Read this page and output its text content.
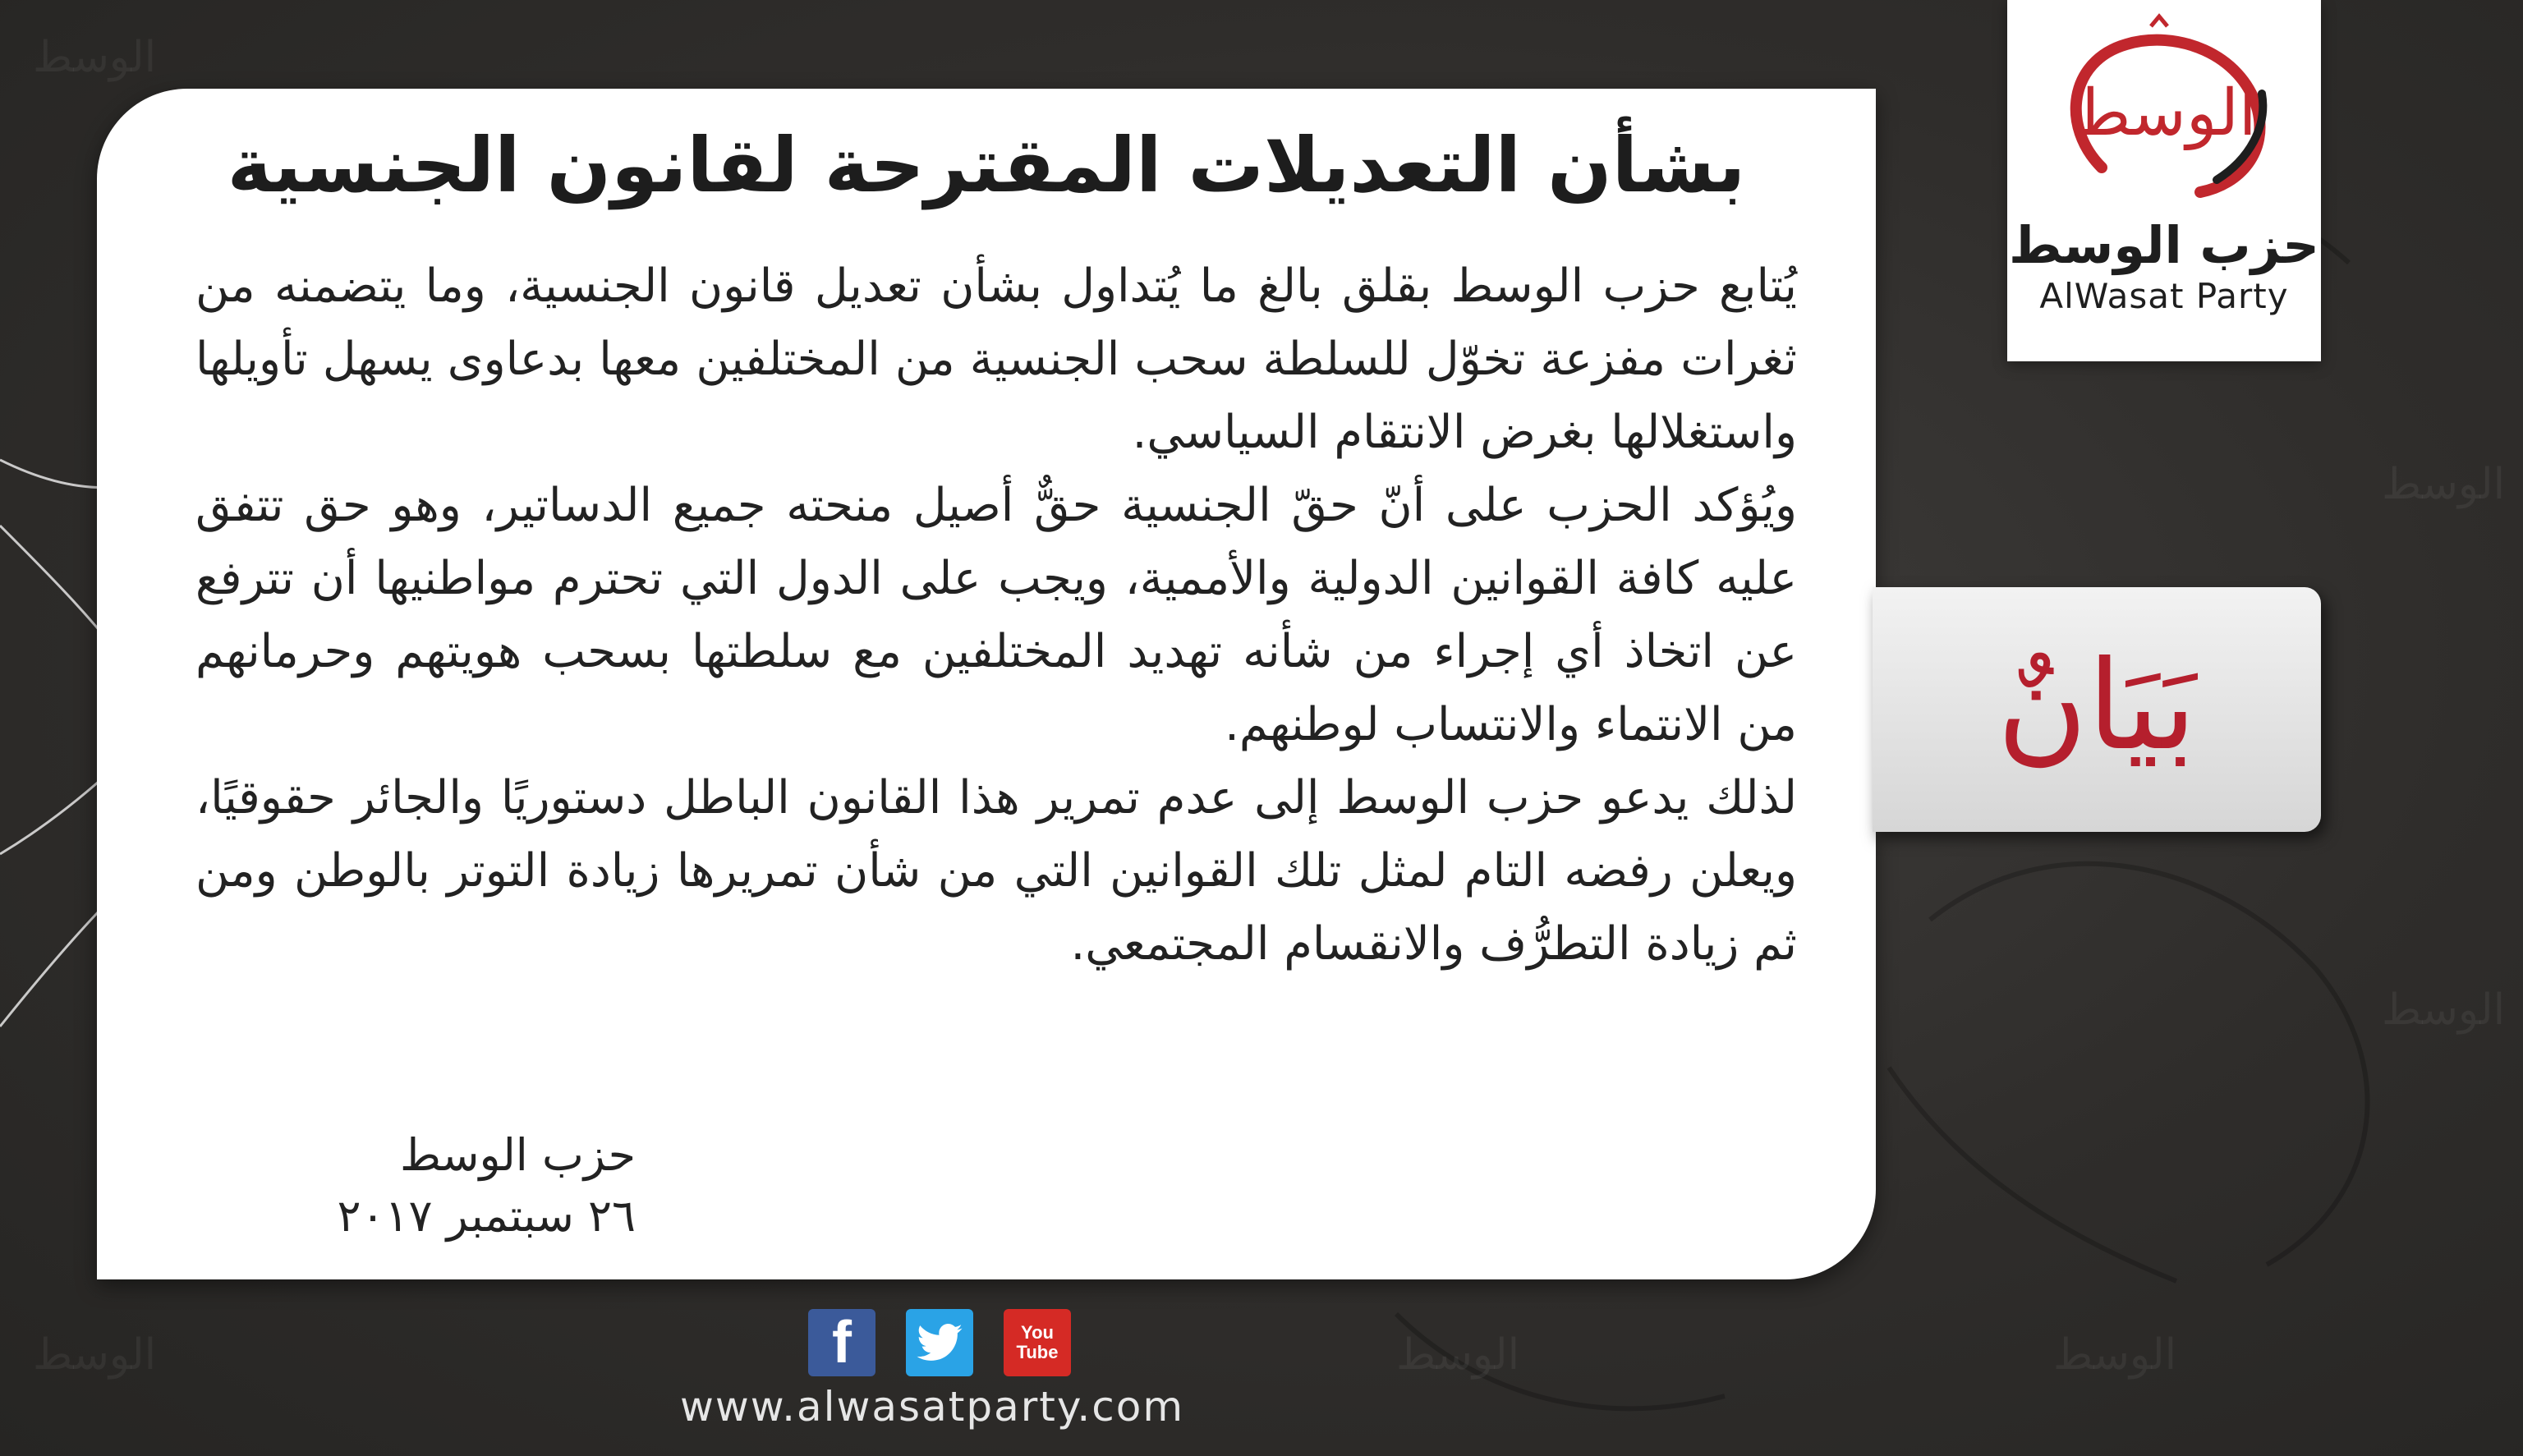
الوسط
الوسط	الوسط
الوسط
الوسط
الوسط
بشأن التعديلات المقترحة لقانون الجنسية

يُتابع حزب الوسط بقلق بالغ ما يُتداول بشأن تعديل قانون الجنسية، وما يتضمنه من ثغرات مفزعة تخوّل للسلطة سحب الجنسية من المختلفين معها بدعاوى يسهل تأويلها واستغلالها بغرض الانتقام السياسي.

ويُؤكد الحزب على أنّ حقّ الجنسية حقٌّ أصيل منحته جميع الدساتير، وهو حق تتفق عليه كافة القوانين الدولية والأممية، ويجب على الدول التي تحترم مواطنيها أن تترفع عن اتخاذ أي إجراء من شأنه تهديد المختلفين مع سلطتها بسحب هويتهم وحرمانهم من الانتماء والانتساب لوطنهم.

لذلك يدعو حزب الوسط إلى عدم تمرير هذا القانون الباطل دستوريًا والجائر حقوقيًا، ويعلن رفضه التام لمثل تلك القوانين التي من شأن تمريرها زيادة التوتر بالوطن ومن ثم زيادة التطرُّف والانقسام المجتمعي.

حزب الوسط
٢٦ سبتمبر ٢٠١٧
الوسط
حزب الوسط
AlWasat Party
بَيَانٌ
f	You
Tube
www.alwasatparty.com
